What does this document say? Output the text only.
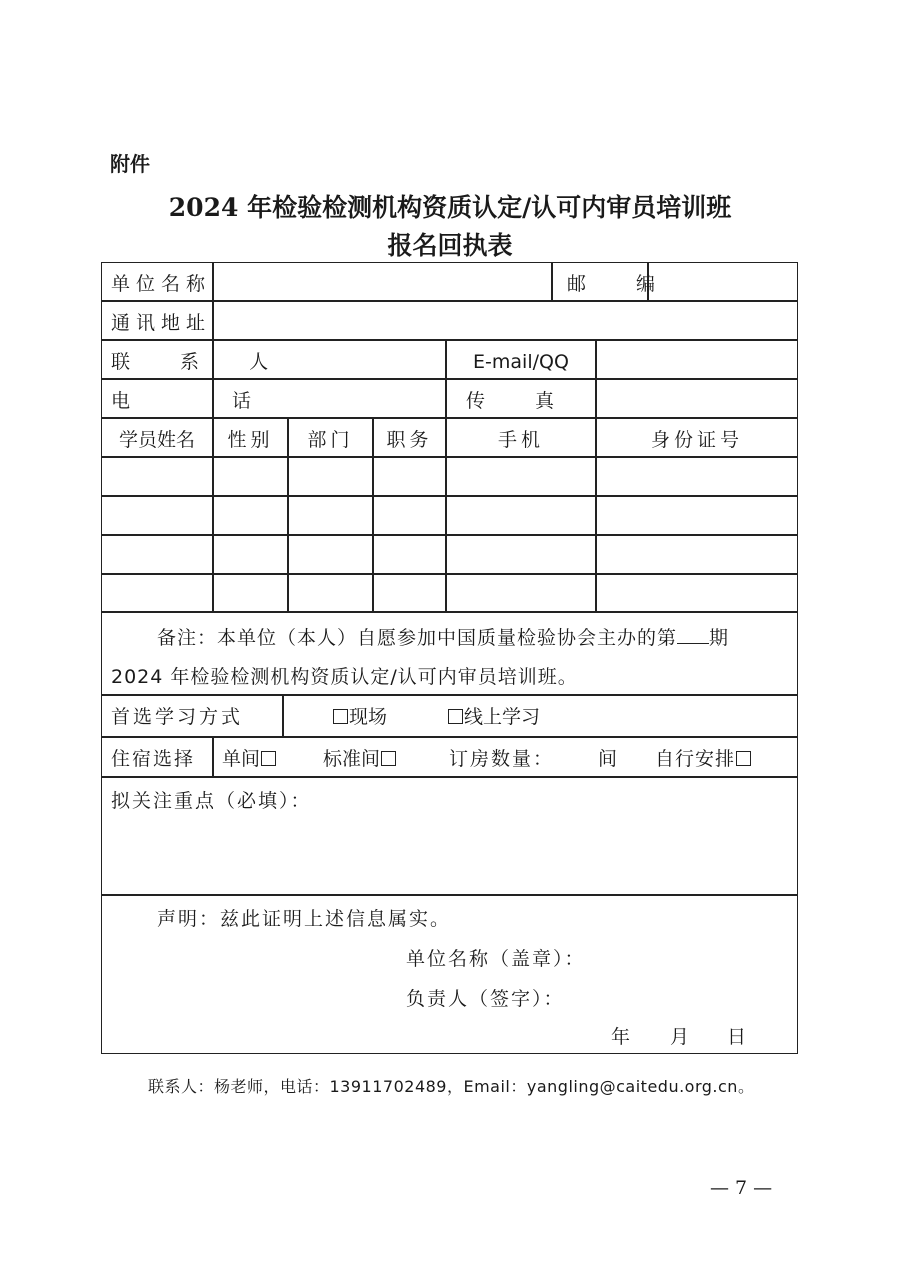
附件
2024 年检验检测机构资质认定/认可内审员培训班
报名回执表
单位名称	邮 编
通讯地址
联 系 人	E-mail/QQ
电 话	传 真
学员姓名	性别	部门	职务	手机	身份证号
备注：本单位（本人）自愿参加中国质量检验协会主办的第 期
2024 年检验检测机构资质认定/认可内审员培训班。
首选学习方式	现场	线上学习
住宿选择 单间	标准间	订房数量： 间 自行安排
拟关注重点（必填）：
声明：兹此证明上述信息属实。
单位名称（盖章）：
负责人（签字）：
年 月 日
联系人：杨老师，电话：13911702489，Email：yangling@caitedu.org.cn。
— 7 —
